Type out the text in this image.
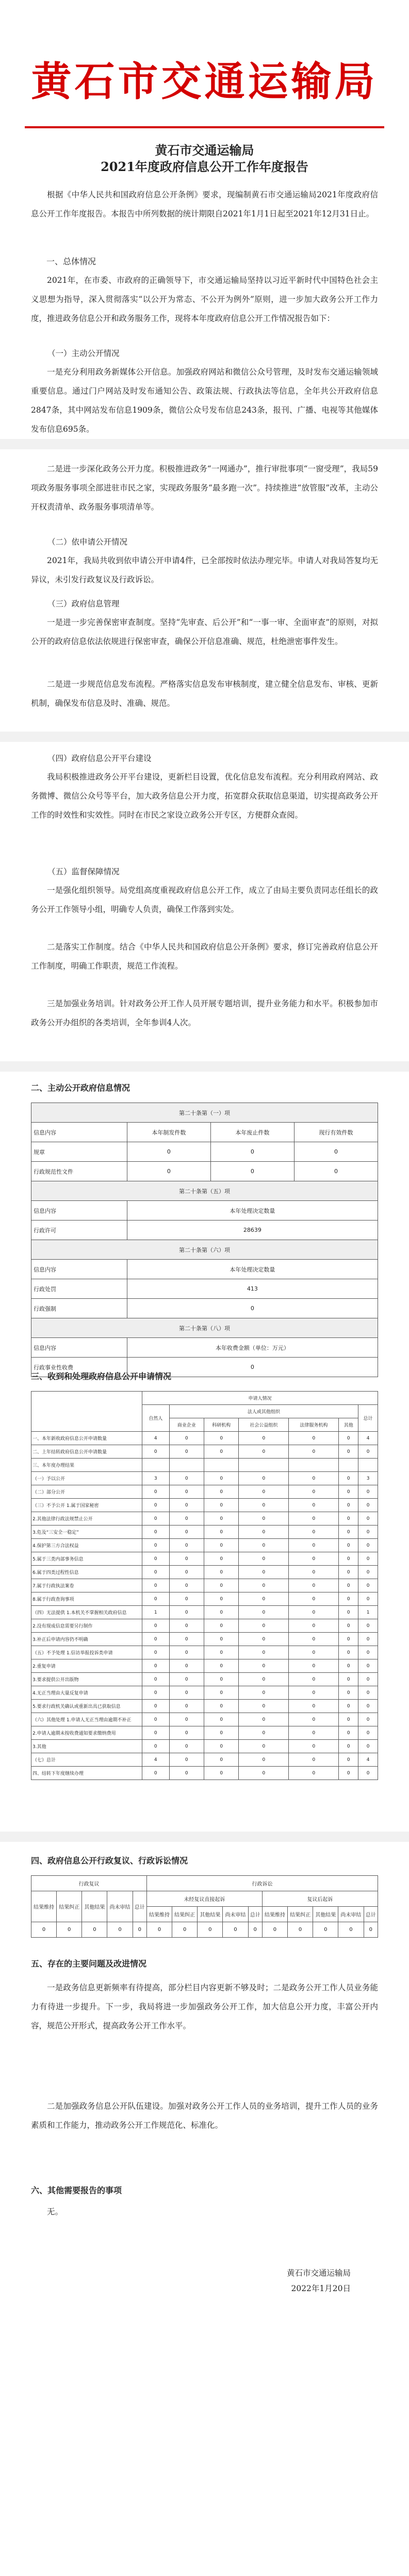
黄石市交通运输局
黄石市交通运输局
2021年度政府信息公开工作年度报告
根据《中华人民共和国政府信息公开条例》要求，现编制黄石市交通运输局2021年度政府信息公开工作年度报告。本报告中所列数据的统计期限自2021年1月1日起至2021年12月31日止。
一、总体情况
2021年，在市委、市政府的正确领导下，市交通运输局坚持以习近平新时代中国特色社会主义思想为指导，深入贯彻落实“以公开为常态、不公开为例外”原则，进一步加大政务公开工作力度，推进政务信息公开和政务服务工作，现将本年度政府信息公开工作情况报告如下：
（一）主动公开情况
一是充分利用政务新媒体公开信息。加强政府网站和微信公众号管理，及时发布交通运输领域重要信息。通过门户网站及时发布通知公告、政策法规、行政执法等信息，全年共公开政府信息2847条，其中网站发布信息1909条，微信公众号发布信息243条，报刊、广播、电视等其他媒体发布信息695条。
二是进一步深化政务公开力度。积极推进政务“一网通办”，推行审批事项“一窗受理”，我局59项政务服务事项全部进驻市民之家，实现政务服务“最多跑一次”。持续推进“放管服”改革，主动公开权责清单、政务服务事项清单等。
（二）依申请公开情况
2021年，我局共收到依申请公开申请4件，已全部按时依法办理完毕。申请人对我局答复均无异议，未引发行政复议及行政诉讼。
（三）政府信息管理
一是进一步完善保密审查制度。坚持“先审查、后公开”和“一事一审、全面审查”的原则，对拟公开的政府信息依法依规进行保密审查，确保公开信息准确、规范，杜绝泄密事件发生。
二是进一步规范信息发布流程。严格落实信息发布审核制度，建立健全信息发布、审核、更新机制，确保发布信息及时、准确、规范。
（四）政府信息公开平台建设
我局积极推进政务公开平台建设，更新栏目设置，优化信息发布流程。充分利用政府网站、政务微博、微信公众号等平台，加大政务信息公开力度，拓宽群众获取信息渠道，切实提高政务公开工作的时效性和实效性。同时在市民之家设立政务公开专区，方便群众查阅。
（五）监督保障情况
一是强化组织领导。局党组高度重视政府信息公开工作，成立了由局主要负责同志任组长的政务公开工作领导小组，明确专人负责，确保工作落到实处。
二是落实工作制度。结合《中华人民共和国政府信息公开条例》要求，修订完善政府信息公开工作制度，明确工作职责，规范工作流程。
三是加强业务培训。针对政务公开工作人员开展专题培训，提升业务能力和水平。积极参加市政务公开办组织的各类培训，全年参训4人次。
二、主动公开政府信息情况
第二十条第（一）项			
信息内容	本年制发件数	本年废止件数	现行有效件数
规章	0	0	0
行政规范性文件	0	0	0
第二十条第（五）项			
信息内容	本年处理决定数量		
行政许可	28639		
第二十条第（六）项			
信息内容	本年处理决定数量		
行政处罚	413		
行政强制	0		
第二十条第（八）项			
信息内容	本年收费金额（单位：万元）		
行政事业性收费	0		
三、收到和处理政府信息公开申请情况
	申请人情况						
	自然人	法人或其他组织					总计
		商业企业	科研机构	社会公益组织	法律服务机构	其他	
一、本年新收政府信息公开申请数量	4	0	0	0	0	0	4
二、上年结转政府信息公开申请数量	0	0	0	0	0	0	0
三、本年度办理结果							
（一）予以公开	3	0	0	0	0	0	3
（二）部分公开	0	0	0	0	0	0	0
（三）不予公开 1.属于国家秘密	0	0	0	0	0	0	0
2.其他法律行政法规禁止公开	0	0	0	0	0	0	0
3.危及“三安全一稳定”	0	0	0	0	0	0	0
4.保护第三方合法权益	0	0	0	0	0	0	0
5.属于三类内部事务信息	0	0	0	0	0	0	0
6.属于四类过程性信息	0	0	0	0	0	0	0
7.属于行政执法案卷	0	0	0	0	0	0	0
8.属于行政查询事项	0	0	0	0	0	0	0
（四）无法提供 1.本机关不掌握相关政府信息	1	0	0	0	0	0	1
2.没有现成信息需要另行制作	0	0	0	0	0	0	0
3.补正后申请内容仍不明确	0	0	0	0	0	0	0
（五）不予处理 1.信访举报投诉类申请	0	0	0	0	0	0	0
2.重复申请	0	0	0	0	0	0	0
3.要求提供公开出版物	0	0	0	0	0	0	0
4.无正当理由大量反复申请	0	0	0	0	0	0	0
5.要求行政机关确认或重新出具已获取信息	0	0	0	0	0	0	0
（六）其他处理 1.申请人无正当理由逾期不补正	0	0	0	0	0	0	0
2.申请人逾期未按收费通知要求缴纳费用	0	0	0	0	0	0	0
3.其他	0	0	0	0	0	0	0
（七）总计	4	0	0	0	0	0	4
四、结转下年度继续办理	0	0	0	0	0	0	0
四、政府信息公开行政复议、行政诉讼情况
行政复议					行政诉讼									
结果维持	结果纠正	其他结果	尚未审结	总计	未经复议直接起诉					复议后起诉				
					结果维持	结果纠正	其他结果	尚未审结	总计	结果维持	结果纠正	其他结果	尚未审结	总计
0	0	0	0	0	0	0	0	0	0	0	0	0	0	0
五、存在的主要问题及改进情况
一是政务信息更新频率有待提高，部分栏目内容更新不够及时；二是政务公开工作人员业务能力有待进一步提升。下一步，我局将进一步加强政务公开工作，加大信息公开力度，丰富公开内容，规范公开形式，提高政务公开工作水平。
二是加强政务信息公开队伍建设。加强对政务公开工作人员的业务培训，提升工作人员的业务素质和工作能力，推动政务公开工作规范化、标准化。
六、其他需要报告的事项
无。
黄石市交通运输局
2022年1月20日
